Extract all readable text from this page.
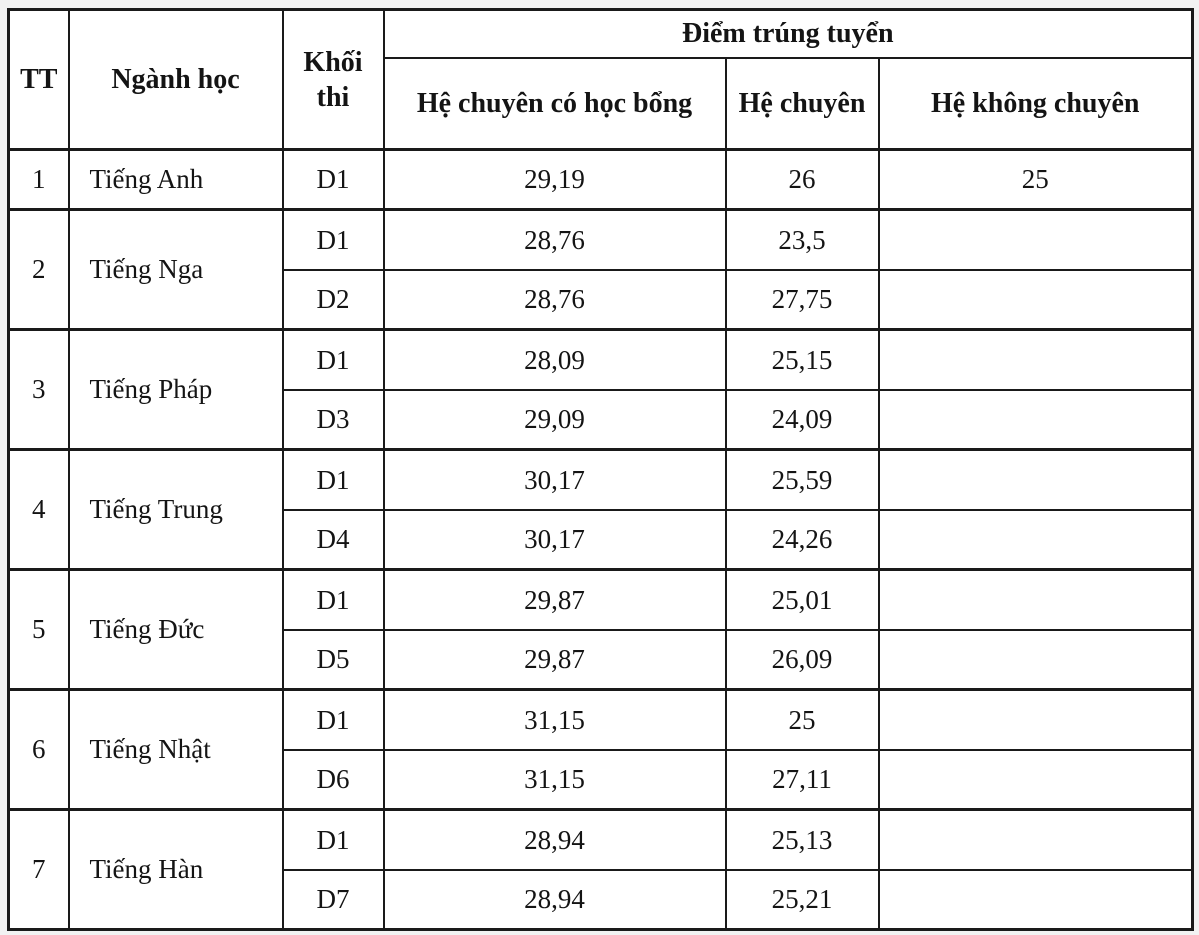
TT	Ngành học	Khối thi	Điểm trúng tuyển		
			Hệ chuyên có học bổng	Hệ chuyên	Hệ không chuyên
1	Tiếng Anh	D1	29,19	26	25
2	Tiếng Nga	D1	28,76	23,5	
		D2	28,76	27,75	
3	Tiếng Pháp	D1	28,09	25,15	
		D3	29,09	24,09	
4	Tiếng Trung	D1	30,17	25,59	
		D4	30,17	24,26	
5	Tiếng Đức	D1	29,87	25,01	
		D5	29,87	26,09	
6	Tiếng Nhật	D1	31,15	25	
		D6	31,15	27,11	
7	Tiếng Hàn	D1	28,94	25,13	
		D7	28,94	25,21	
